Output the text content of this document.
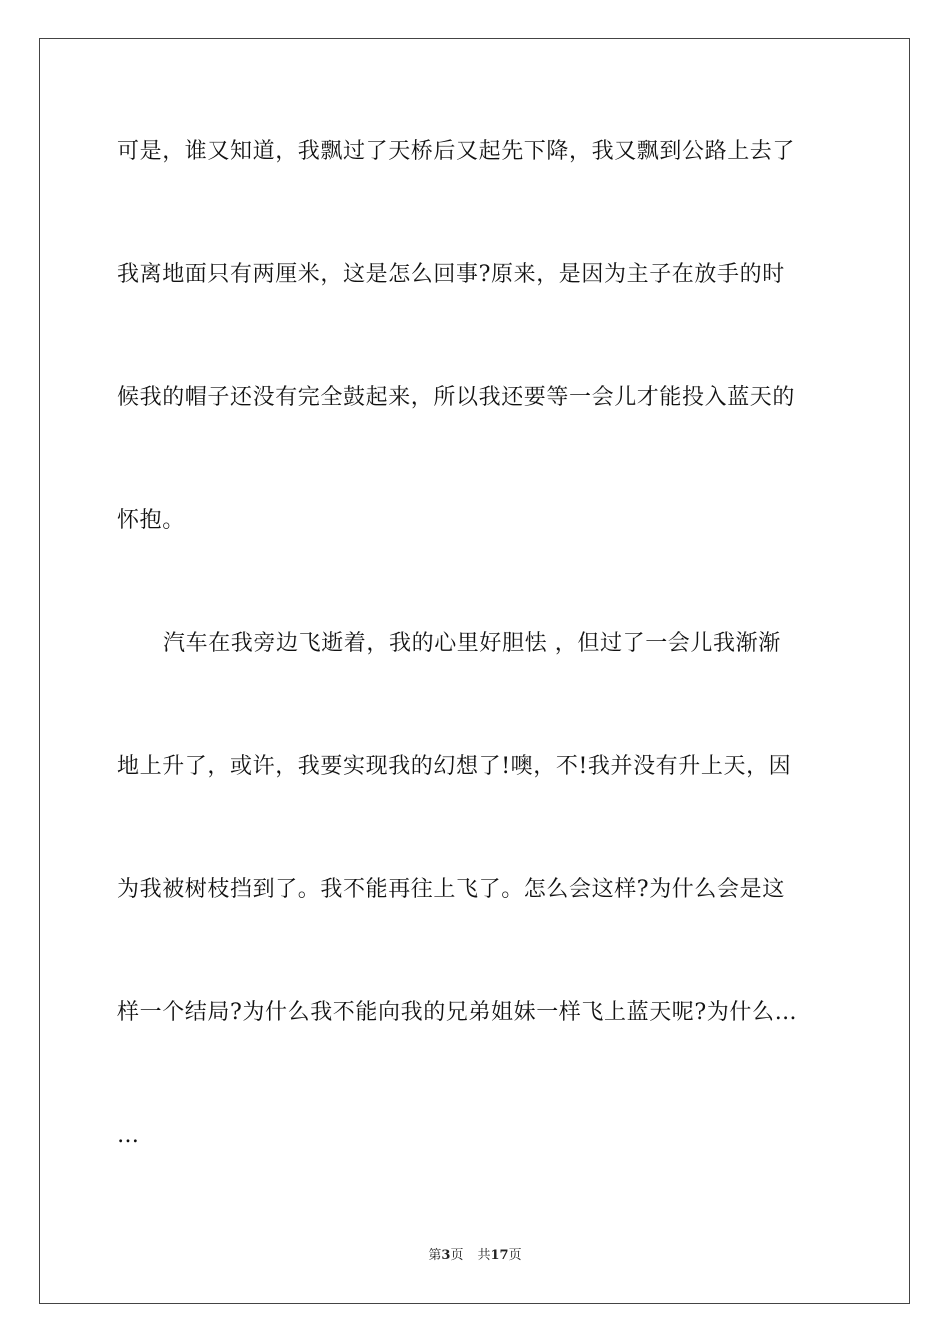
可是，谁又知道，我飘过了天桥后又起先下降，我又飘到公路上去了
我离地面只有两厘米，这是怎么回事?原来，是因为主子在放手的时
候我的帽子还没有完全鼓起来，所以我还要等一会儿才能投入蓝天的
怀抱。
汽车在我旁边飞逝着，我的心里好胆怯 ，但过了一会儿我渐渐
地上升了，或许，我要实现我的幻想了!噢，不!我并没有升上天，因
为我被树枝挡到了。我不能再往上飞了。怎么会这样?为什么会是这
样一个结局?为什么我不能向我的兄弟姐妹一样飞上蓝天呢?为什么…
…
第3页 共17页
